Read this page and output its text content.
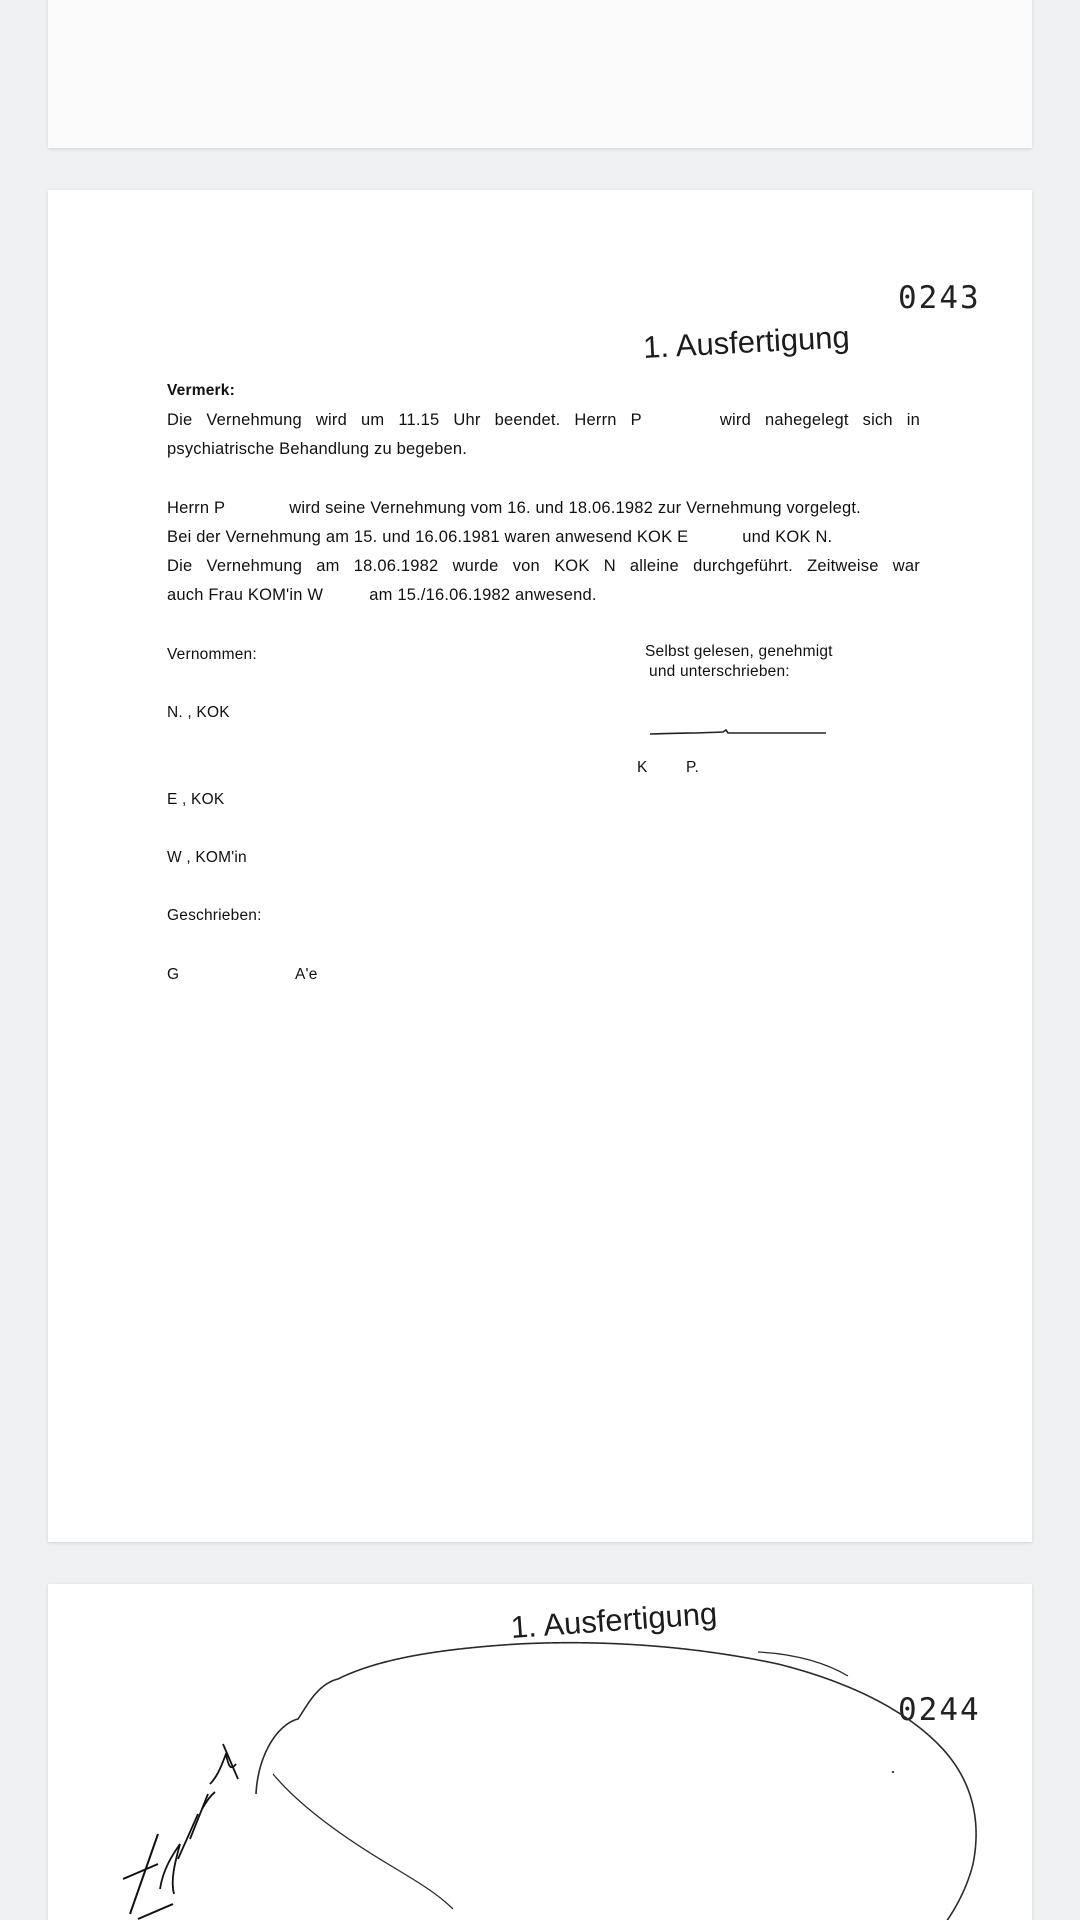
0243
1. Ausfertigung
Vermerk:
Die Vernehmung wird um 11.15 Uhr beendet. Herrn P	wird nahegelegt sich in
psychiatrische Behandlung zu begeben.
Herrn P	wird seine Vernehmung vom 16. und 18.06.1982 zur Vernehmung vorgelegt.
Bei der Vernehmung am 15. und 16.06.1981 waren anwesend KOK E	und KOK N.
Die Vernehmung am 18.06.1982 wurde von KOK N alleine durchgeführt. Zeitweise war
auch Frau KOM'in W	am 15./16.06.1982 anwesend.
Vernommen:
N. , KOK
E , KOK
W , KOM'in
Selbst gelesen, genehmigt
und unterschrieben:
K P.
Geschrieben:
G	A'e
1. Ausfertigung
0244
